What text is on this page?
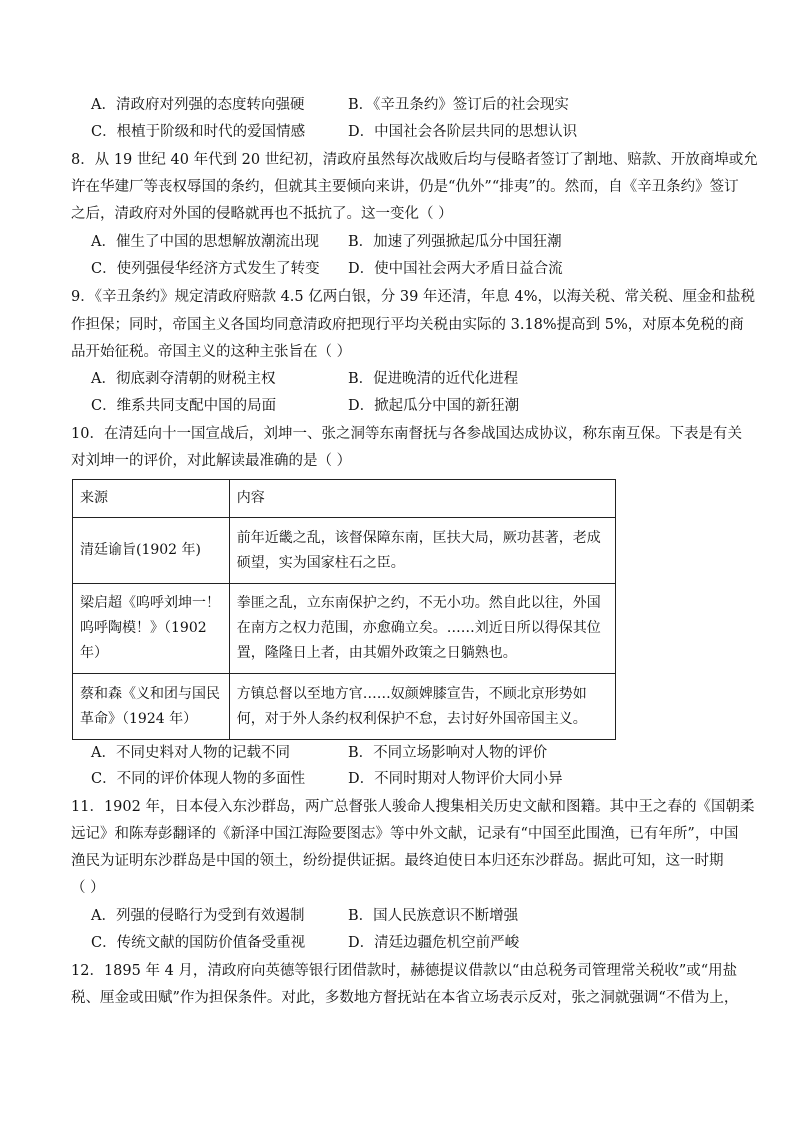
A．清政府对列强的态度转向强硬	B．《辛丑条约》签订后的社会现实
C．根植于阶级和时代的爱国情感	D．中国社会各阶层共同的思想认识
8．从 19 世纪 40 年代到 20 世纪初，清政府虽然每次战败后均与侵略者签订了割地、赔款、开放商埠或允
许在华建厂等丧权辱国的条约，但就其主要倾向来讲，仍是“仇外”“排夷”的。然而，自《辛丑条约》签订
之后，清政府对外国的侵略就再也不抵抗了。这一变化（ ）
A．催生了中国的思想解放潮流出现 B．加速了列强掀起瓜分中国狂潮
C．使列强侵华经济方式发生了转变 D．使中国社会两大矛盾日益合流
9．《辛丑条约》规定清政府赔款 4.5 亿两白银，分 39 年还清，年息 4%，以海关税、常关税、厘金和盐税
作担保；同时，帝国主义各国均同意清政府把现行平均关税由实际的 3.18%提高到 5%，对原本免税的商
品开始征税。帝国主义的这种主张旨在（ ）
A．彻底剥夺清朝的财税主权	B．促进晚清的近代化进程
C．维系共同支配中国的局面	D．掀起瓜分中国的新狂潮
10．在清廷向十一国宣战后，刘坤一、张之洞等东南督抚与各参战国达成协议，称东南互保。下表是有关
对刘坤一的评价，对此解读最准确的是（ ）
来源	内容

清廷谕旨(1902 年)	前年近畿之乱，该督保障东南，匡扶大局，厥功甚著，老成
硕望，实为国家柱石之臣。

梁启超《呜呼刘坤一！
呜呼陶模！》（1902
年）	拳匪之乱，立东南保护之约，不无小功。然自此以往，外国
在南方之权力范围，亦愈确立矣。……刘近日所以得保其位
置，隆隆日上者，由其媚外政策之日躺熟也。

蔡和森《义和团与国民
革命》（1924 年）	方镇总督以至地方官……奴颜婢膝宣告，不顾北京形势如
何，对于外人条约权利保护不怠，去讨好外国帝国主义。
A．不同史料对人物的记载不同	B．不同立场影响对人物的评价
C．不同的评价体现人物的多面性	D．不同时期对人物评价大同小异
11．1902 年，日本侵入东沙群岛，两广总督张人骏命人搜集相关历史文献和图籍。其中王之春的《国朝柔
远记》和陈寿彭翻译的《新泽中国江海险要图志》等中外文献，记录有“中国至此围渔，已有年所”，中国
渔民为证明东沙群岛是中国的领土，纷纷提供证据。最终迫使日本归还东沙群岛。据此可知，这一时期
（ ）
A．列强的侵略行为受到有效遏制	B．国人民族意识不断增强
C．传统文献的国防价值备受重视	D．清廷边疆危机空前严峻
12．1895 年 4 月，清政府向英德等银行团借款时，赫德提议借款以“由总税务司管理常关税收”或“用盐
税、厘金或田赋”作为担保条件。对此，多数地方督抚站在本省立场表示反对，张之洞就强调“不借为上，
